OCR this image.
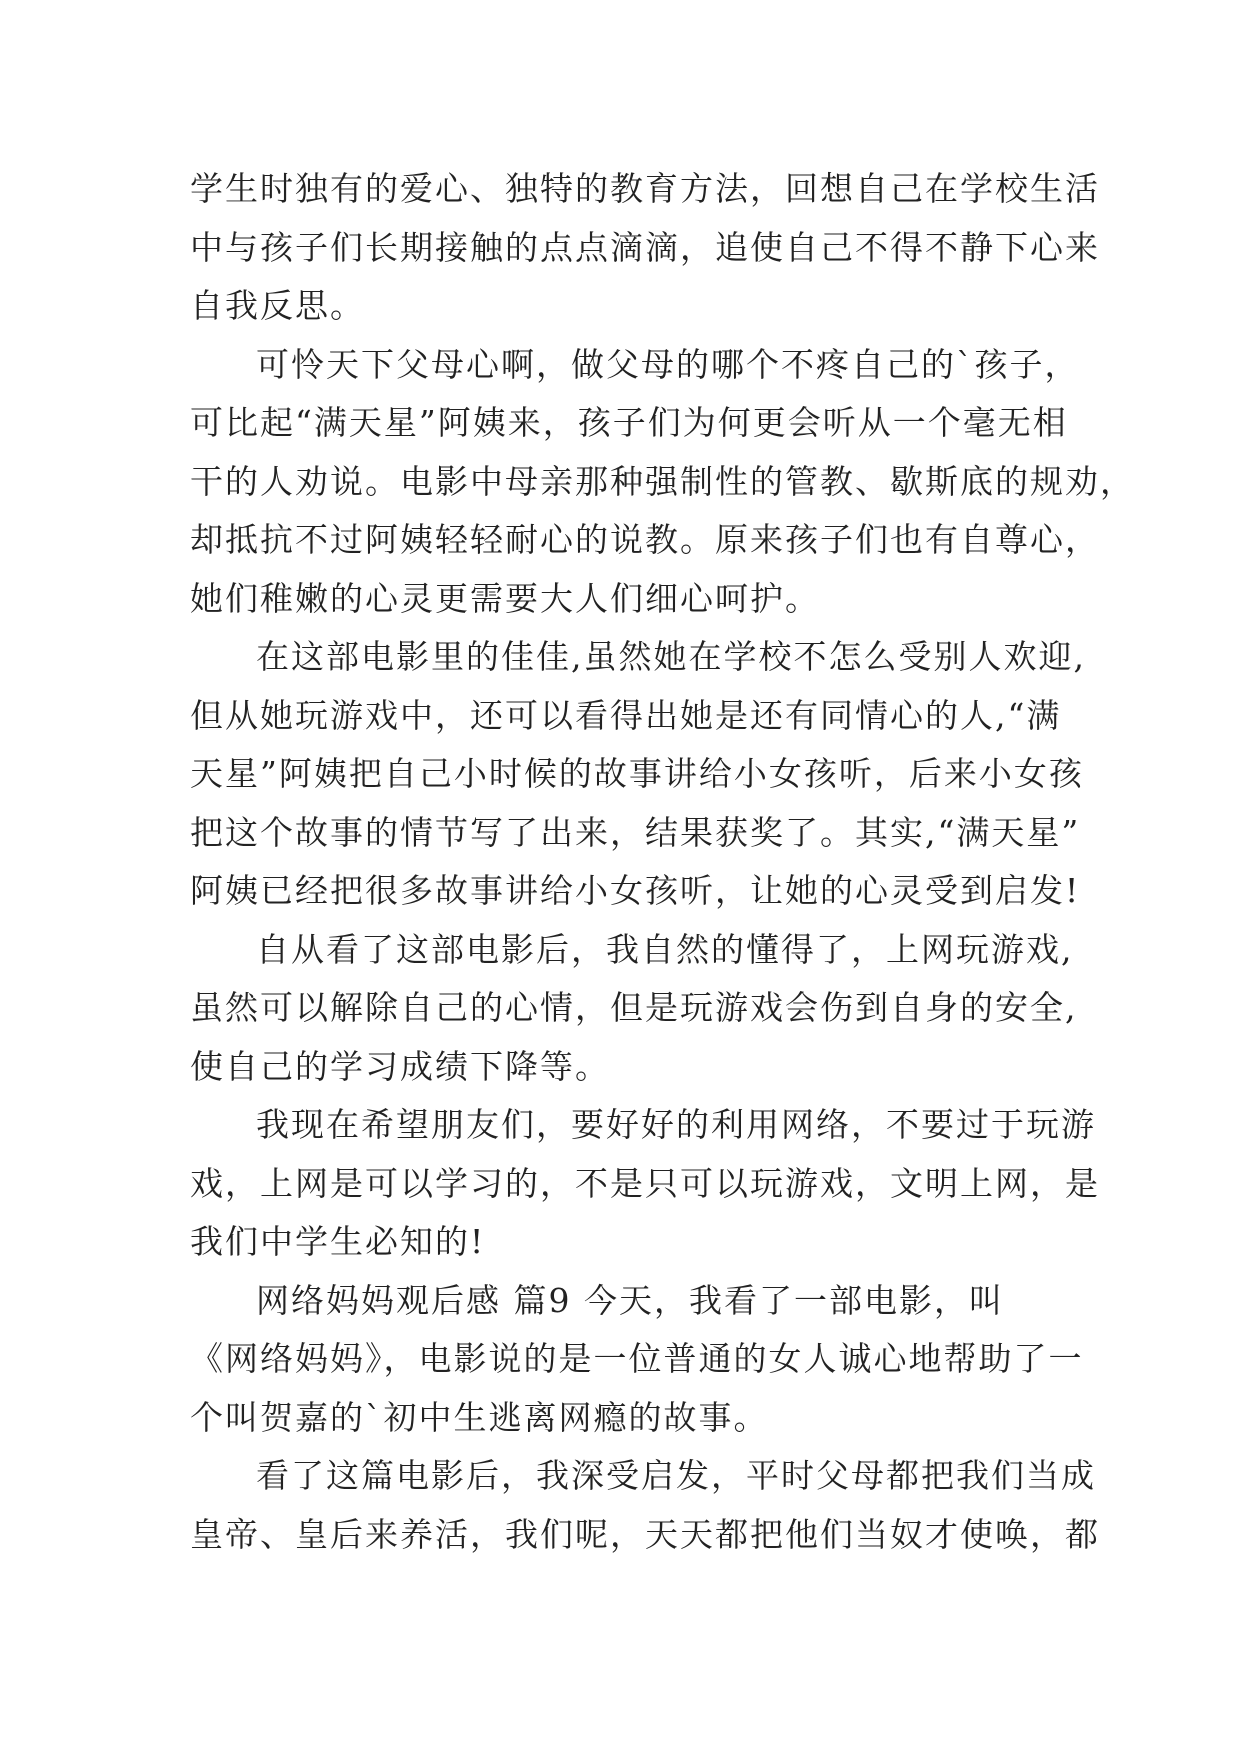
学生时独有的爱心、独特的教育方法，回想自己在学校生活
中与孩子们长期接触的点点滴滴，追使自己不得不静下心来
自我反思。
可怜天下父母心啊，做父母的哪个不疼自己的`孩子，
可比起“满天星”阿姨来，孩子们为何更会听从一个毫无相
干的人劝说。电影中母亲那种强制性的管教、歇斯底的规劝，
却抵抗不过阿姨轻轻耐心的说教。原来孩子们也有自尊心，
她们稚嫩的心灵更需要大人们细心呵护。
在这部电影里的佳佳,虽然她在学校不怎么受别人欢迎,
但从她玩游戏中，还可以看得出她是还有同情心的人,“满
天星”阿姨把自己小时候的故事讲给小女孩听，后来小女孩
把这个故事的情节写了出来，结果获奖了。其实,“满天星”
阿姨已经把很多故事讲给小女孩听，让她的心灵受到启发!
自从看了这部电影后，我自然的懂得了，上网玩游戏,
虽然可以解除自己的心情，但是玩游戏会伤到自身的安全,
使自己的学习成绩下降等。
我现在希望朋友们，要好好的利用网络，不要过于玩游
戏，上网是可以学习的，不是只可以玩游戏，文明上网，是
我们中学生必知的!
网络妈妈观后感 篇9 今天，我看了一部电影，叫
《网络妈妈》，电影说的是一位普通的女人诚心地帮助了一
个叫贺嘉的`初中生逃离网瘾的故事。
看了这篇电影后，我深受启发，平时父母都把我们当成
皇帝、皇后来养活，我们呢，天天都把他们当奴才使唤，都
